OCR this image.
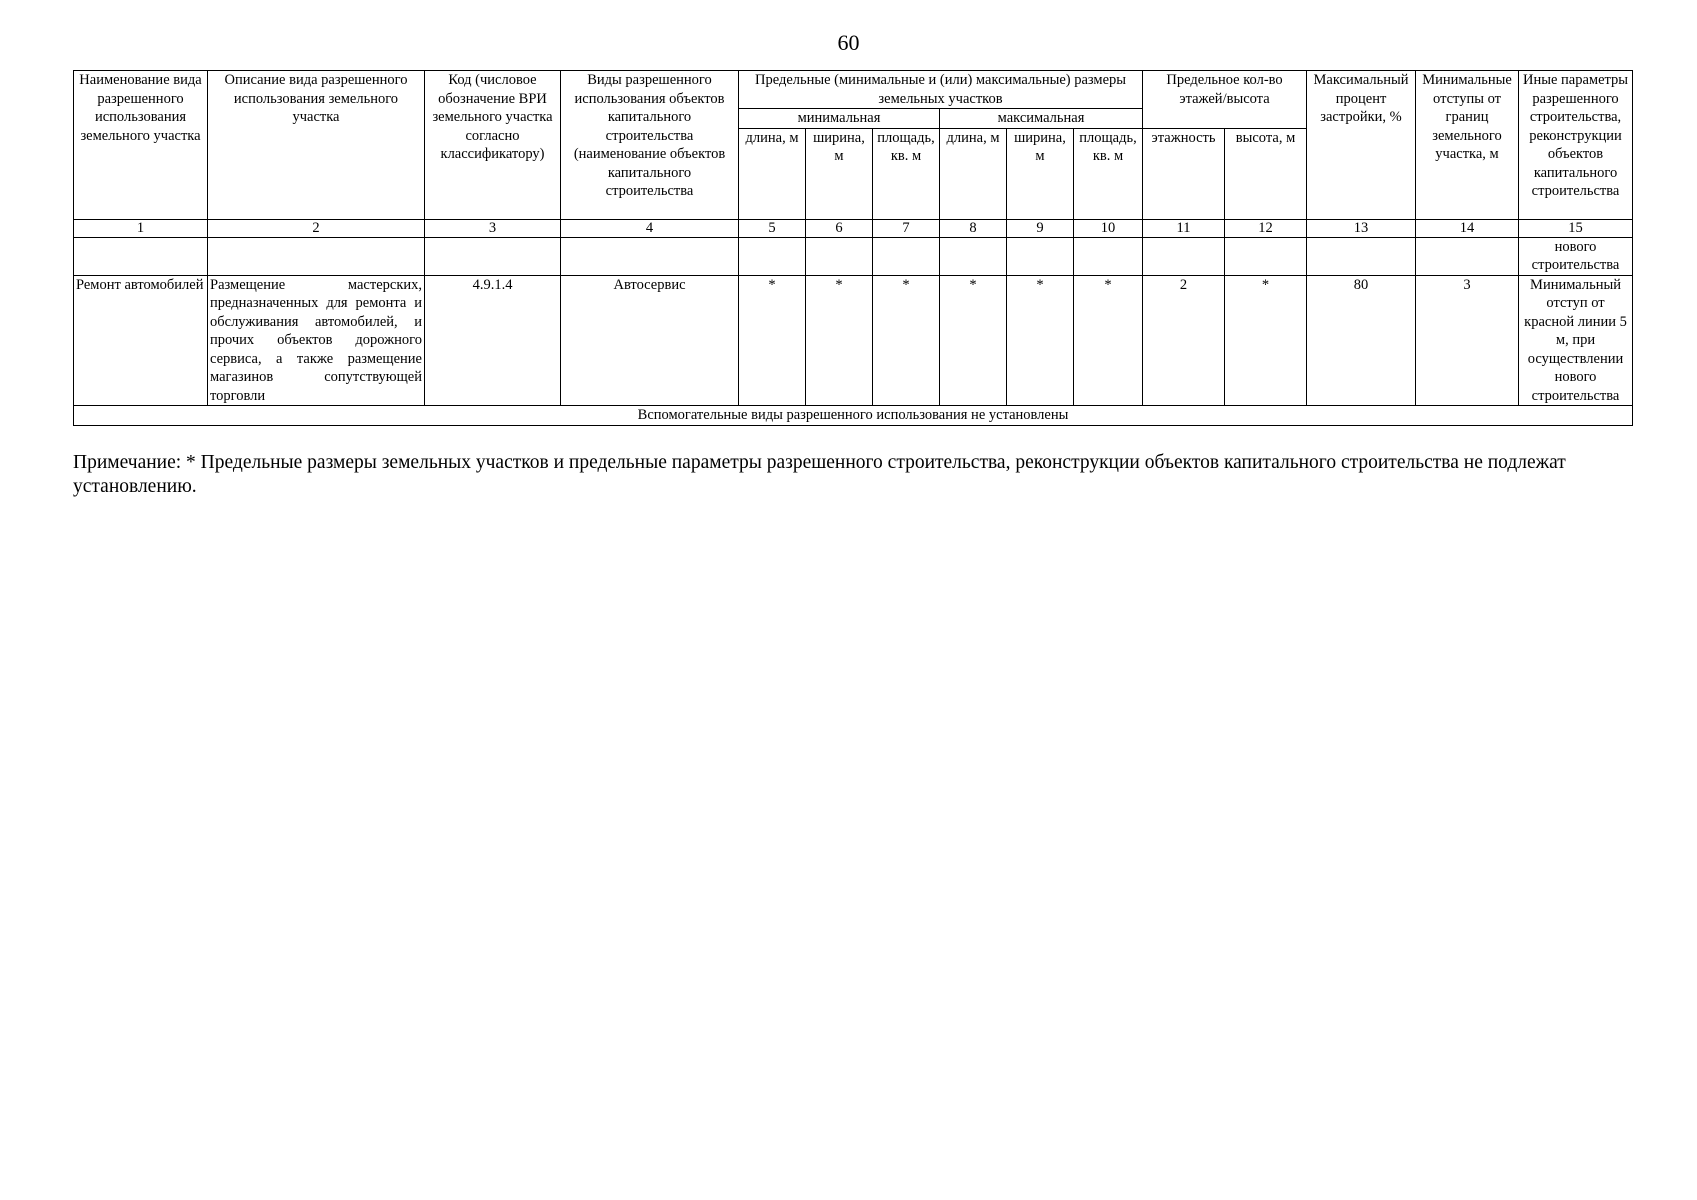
60
Наименование вида разрешенного использования земельного участка	Описание вида разрешенного использования земельного участка	Код (числовое обозначение ВРИ земельного участка согласно классификатору)	Виды разрешенного использования объектов капитального строительства (наименование объектов капитального строительства	Предельные (минимальные и (или) максимальные) размеры земельных участков						Предельное кол-во этажей/высота		Максимальный процент застройки, %	Минимальные отступы от границ земельного участка, м	Иные параметры разрешенного строительства, реконструкции объектов капитального строительства
				минимальная			максимальная							
				длина, м	ширина, м	площадь, кв. м	длина, м	ширина, м	площадь, кв. м	этажность	высота, м			
1	2	3	4	5	6	7	8	9	10	11	12	13	14	15
														нового строительства
Ремонт автомобилей	Размещение мастерских, предназначенных для ремонта и обслуживания автомобилей, и прочих объектов дорожного сервиса, а также размещение магазинов сопутствующей торговли	4.9.1.4	Автосервис	*	*	*	*	*	*	2	*	80	3	Минимальный отступ от красной линии 5 м, при осуществлении нового строительства
Вспомогательные виды разрешенного использования не установлены														
Примечание: * Предельные размеры земельных участков и предельные параметры разрешенного строительства, реконструкции объектов капитального строительства не подлежат установлению.
